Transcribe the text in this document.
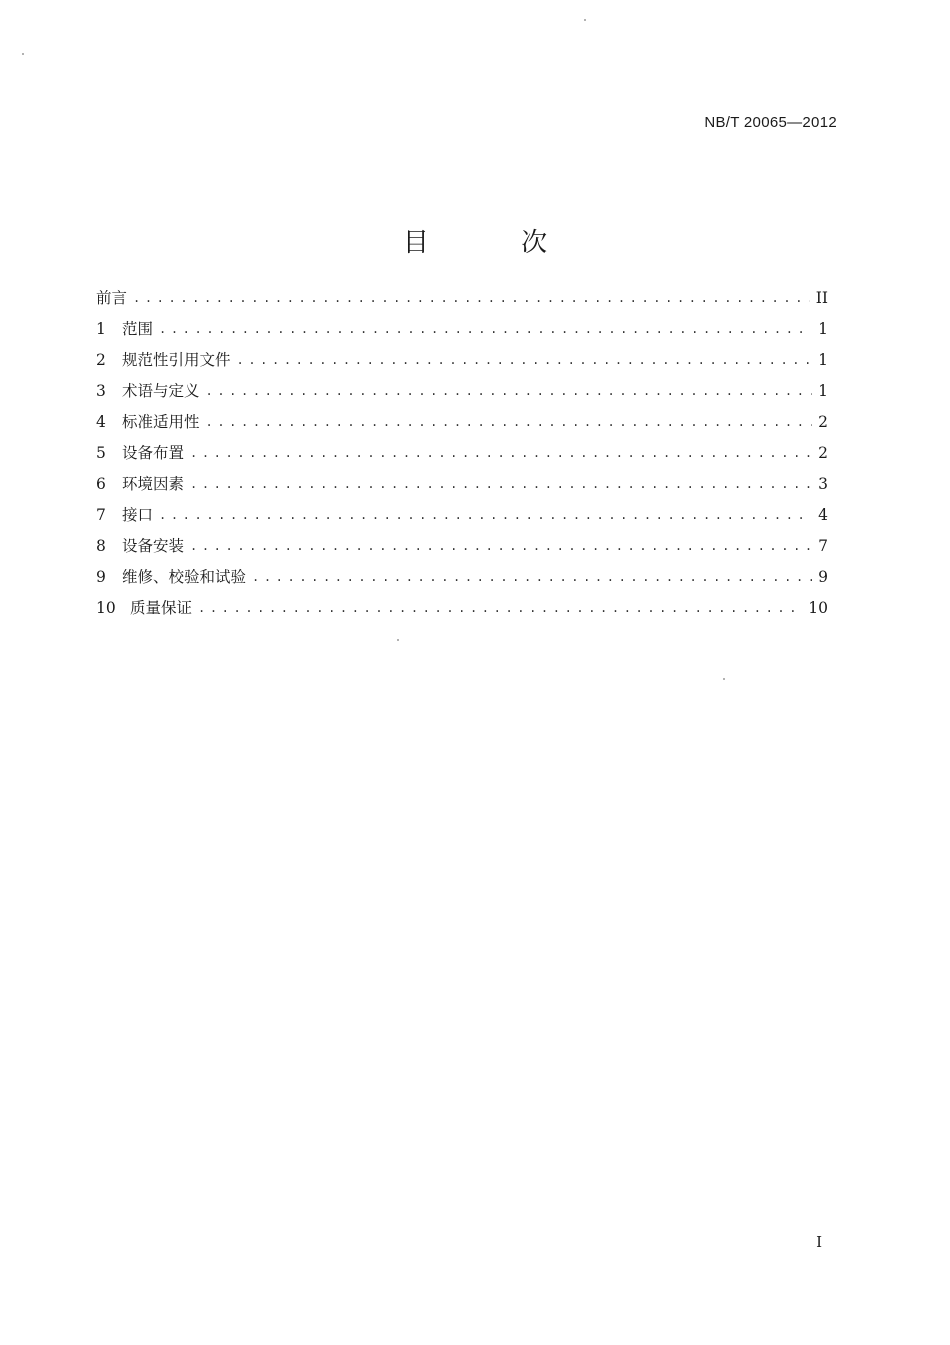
NB/T 20065—2012
目 次
前言 .....	II
1	范围 .....	1
2	规范性引用文件 .....	1
3	术语与定义 .....	1
4	标准适用性 .....	2
5	设备布置 .....	2
6	环境因素 .....	3
7	接口 .....	4
8	设备安装 .....	7
9	维修、校验和试验 .....	9
10 质量保证 .....	10
I
